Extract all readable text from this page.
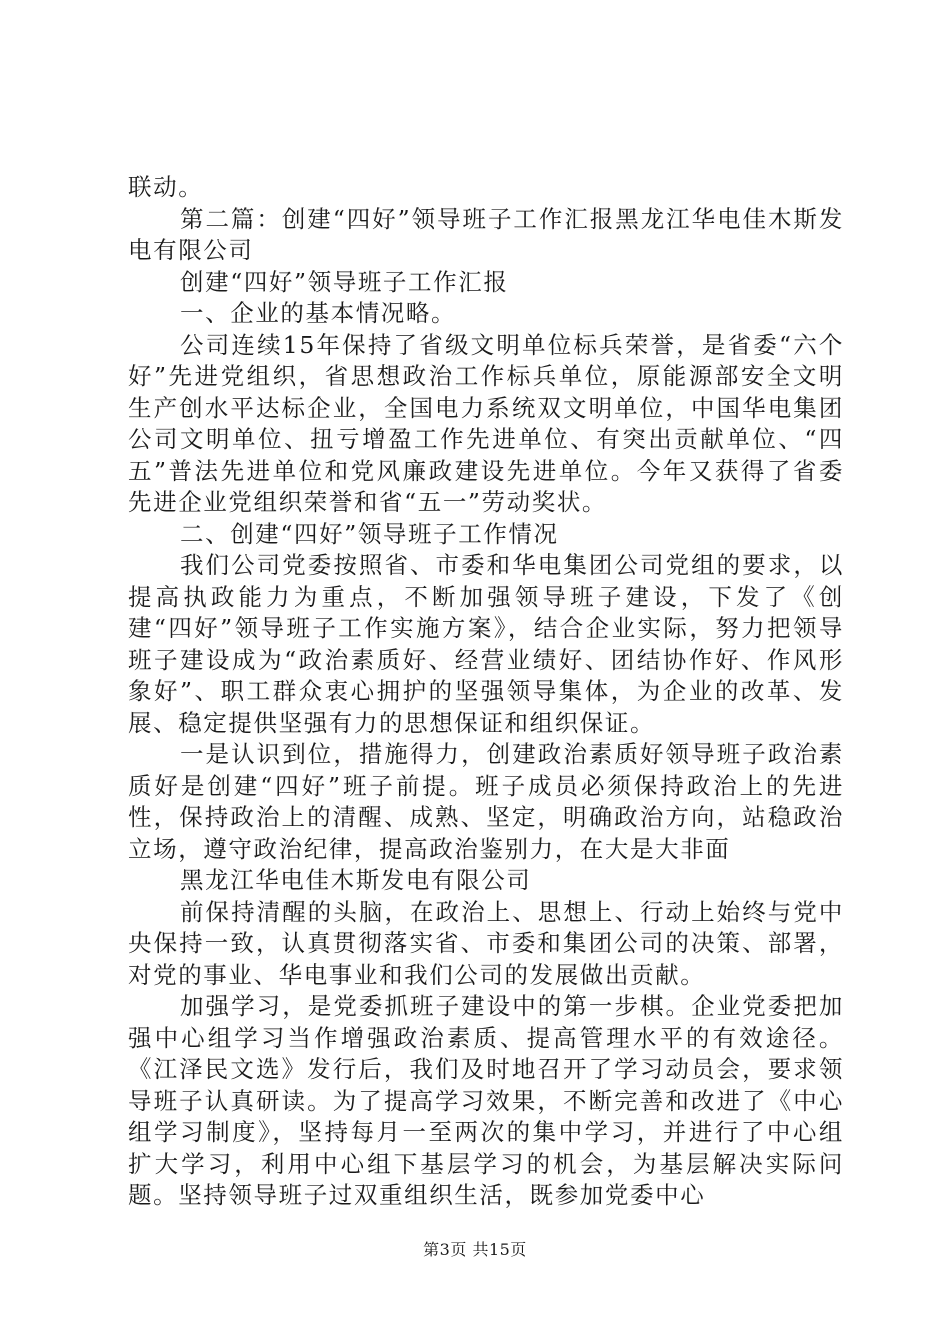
联动。

第二篇：创建“四好”领导班子工作汇报黑龙江华电佳木斯发电有限公司

创建“四好”领导班子工作汇报

一、企业的基本情况略。

公司连续15年保持了省级文明单位标兵荣誉，是省委“六个好”先进党组织，省思想政治工作标兵单位，原能源部安全文明生产创水平达标企业，全国电力系统双文明单位，中国华电集团公司文明单位、扭亏增盈工作先进单位、有突出贡献单位、“四五”普法先进单位和党风廉政建设先进单位。今年又获得了省委先进企业党组织荣誉和省“五一”劳动奖状。

二、创建“四好”领导班子工作情况

我们公司党委按照省、市委和华电集团公司党组的要求，以提高执政能力为重点，不断加强领导班子建设，下发了《创建“四好”领导班子工作实施方案》，结合企业实际，努力把领导班子建设成为“政治素质好、经营业绩好、团结协作好、作风形象好”、职工群众衷心拥护的坚强领导集体，为企业的改革、发展、稳定提供坚强有力的思想保证和组织保证。

一是认识到位，措施得力，创建政治素质好领导班子政治素质好是创建“四好”班子前提。班子成员必须保持政治上的先进性，保持政治上的清醒、成熟、坚定，明确政治方向，站稳政治立场，遵守政治纪律，提高政治鉴别力，在大是大非面

黑龙江华电佳木斯发电有限公司

前保持清醒的头脑，在政治上、思想上、行动上始终与党中央保持一致，认真贯彻落实省、市委和集团公司的决策、部署，对党的事业、华电事业和我们公司的发展做出贡献。

加强学习，是党委抓班子建设中的第一步棋。企业党委把加强中心组学习当作增强政治素质、提高管理水平的有效途径。《江泽民文选》发行后，我们及时地召开了学习动员会，要求领导班子认真研读。为了提高学习效果，不断完善和改进了《中心组学习制度》，坚持每月一至两次的集中学习，并进行了中心组扩大学习，利用中心组下基层学习的机会，为基层解决实际问题。坚持领导班子过双重组织生活，既参加党委中心

第3页 共15页
